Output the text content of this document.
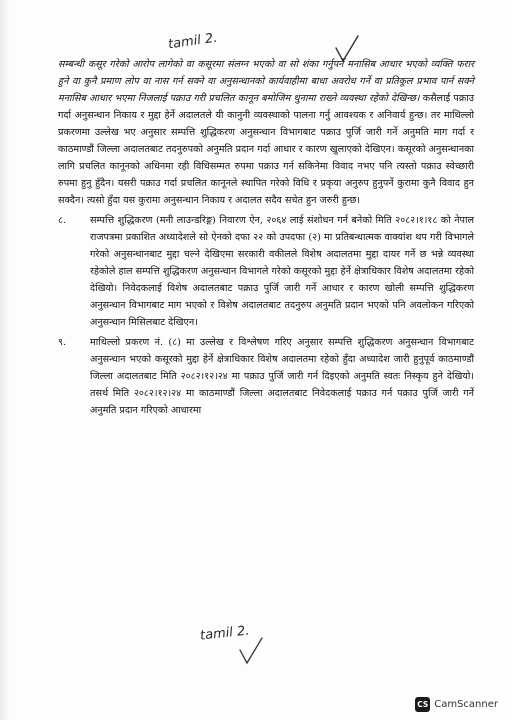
tamil 2.

सम्बन्धी कसूर गरेको आरोप लागेको वा कसूरमा संलग्न भएको वा सो शंका गर्नुपर्ने मनासिब आधार भएको व्यक्ति फरार हुने वा कुनै प्रमाण लोप वा नास गर्न सक्ने वा अनुसन्धानको कार्यवाहीमा बाधा अवरोध गर्ने वा प्रतिकूल प्रभाव पार्न सक्ने मनासिब आधार भएमा निजलाई पक्राउ गरी प्रचलित कानून बमोजिम थुनामा राख्ने व्यवस्था रहेको देखिन्छ। कसैलाई पक्राउ गर्दा अनुसन्धान निकाय र मुद्दा हेर्ने अदालतले यी कानुनी व्यवस्थाको पालना गर्नु आवश्यक र अनिवार्य हुन्छ। तर माथिल्लो प्रकरणमा उल्लेख भए अनुसार सम्पत्ति शुद्धिकरण अनुसन्धान विभागबाट पक्राउ पुर्जि जारी गर्ने अनुमति माग गर्दा र काठमाण्डौं जिल्ला अदालतबाट तदनुरुपको अनुमति प्रदान गर्दा आधार र कारण खुलाएको देखिएन। कसूरको अनुसन्धानका लागि प्रचलित कानूनको अधिनमा रही विधिसम्मत रुपमा पक्राउ गर्न सकिनेमा विवाद नभए पनि त्यस्तो पक्राउ स्वेच्छारी रुपमा हुनु हुँदैन। यसरी पक्राउ गर्दा प्रचलित कानूनले स्थापित गरेको विधि र प्रकृया अनुरुप हुनुपर्ने कुरामा कुनै विवाद हुन सक्दैन। त्यसो हुँदा यस कुरामा अनुसन्धान निकाय र अदालत सदैव सचेत हुन जरुरी हुन्छ।

८.	सम्पत्ति शुद्धिकरण (मनी लाउन्डरिङ्ग) निवारण ऐन, २०६४ लाई संशोधन गर्न बनेको मिति २०८२।१।१८ को नेपाल राजपत्रमा प्रकाशित अध्यादेशले सो ऐनको दफा २२ को उपदफा (२) मा प्रतिबन्धात्मक वाक्यांश थप गरी विभागले गरेको अनुसन्धानबाट मुद्दा चल्ने देखिएमा सरकारी वकीलले विशेष अदालतमा मुद्दा दायर गर्ने छ भन्ने व्यवस्था रहेकोले हाल सम्पत्ति शुद्धिकरण अनुसन्धान विभागले गरेको कसूरको मुद्दा हेर्ने क्षेत्राधिकार विशेष अदालतमा रहेको देखियो। निवेदकलाई विशेष अदालतबाट पक्राउ पुर्जि जारी गर्ने आधार र कारण खोली सम्पत्ति शुद्धिकरण अनुसन्धान विभागबाट माग भएको र विशेष अदालतबाट तदनुरुप अनुमति प्रदान भएको पनि अवलोकन गरिएको अनुसन्धान मिसिलबाट देखिएन।

९.	माथिल्लो प्रकरण नं. (८) मा उल्लेख र विश्लेषण गरिए अनुसार सम्पत्ति शुद्धिकरण अनुसन्धान विभागबाट अनुसन्धान भएको कसूरको मुद्दा हेर्ने क्षेत्राधिकार विशेष अदालतमा रहेको हुँदा अध्यादेश जारी हुनुपूर्व काठमाण्डौं जिल्ला अदालतबाट मिति २०८२।१२।२४ मा पक्राउ पुर्जि जारी गर्न दिइएको अनुमति स्वतः निस्कृय हुने देखियो। तसर्थ मिति २०८२।१२।२४ मा काठमाण्डौं जिल्ला अदालतबाट निवेदकलाई पक्राउ गर्न पक्राउ पुर्जि जारी गर्ने अनुमति प्रदान गरिएको आधारमा

tamil 2.
CS CamScanner
